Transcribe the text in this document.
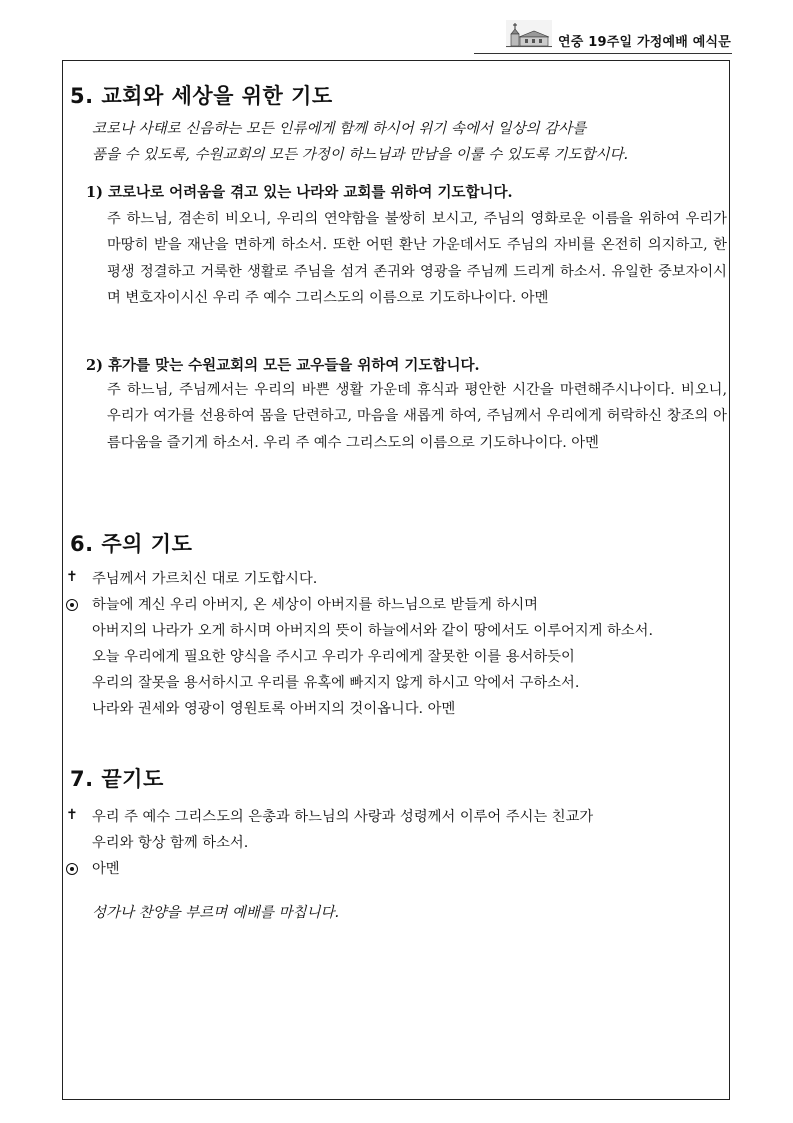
연중 19주일 가정예배 예식문
5. 교회와 세상을 위한 기도
코로나 사태로 신음하는 모든 인류에게 함께 하시어 위기 속에서 일상의 감사를
품을 수 있도록, 수원교회의 모든 가정이 하느님과 만남을 이룰 수 있도록 기도합시다.
1) 코로나로 어려움을 겪고 있는 나라와 교회를 위하여 기도합니다.
주 하느님, 겸손히 비오니, 우리의 연약함을 불쌍히 보시고, 주님의 영화로운 이름을 위하여 우리가 마땅히 받을 재난을 면하게 하소서. 또한 어떤 환난 가운데서도 주님의 자비를 온전히 의지하고, 한 평생 정결하고 거룩한 생활로 주님을 섬겨 존귀와 영광을 주님께 드리게 하소서. 유일한 중보자이시며 변호자이시신 우리 주 예수 그리스도의 이름으로 기도하나이다. 아멘
2) 휴가를 맞는 수원교회의 모든 교우들을 위하여 기도합니다.
주 하느님, 주님께서는 우리의 바쁜 생활 가운데 휴식과 평안한 시간을 마련해주시나이다. 비오니, 우리가 여가를 선용하여 몸을 단련하고, 마음을 새롭게 하여, 주님께서 우리에게 허락하신 창조의 아름다움을 즐기게 하소서. 우리 주 예수 그리스도의 이름으로 기도하나이다. 아멘
6. 주의 기도
✝ 주님께서 가르치신 대로 기도합시다.
하늘에 계신 우리 아버지, 온 세상이 아버지를 하느님으로 받들게 하시며
아버지의 나라가 오게 하시며 아버지의 뜻이 하늘에서와 같이 땅에서도 이루어지게 하소서.
오늘 우리에게 필요한 양식을 주시고 우리가 우리에게 잘못한 이를 용서하듯이
우리의 잘못을 용서하시고 우리를 유혹에 빠지지 않게 하시고 악에서 구하소서.
나라와 권세와 영광이 영원토록 아버지의 것이옵니다. 아멘
7. 끝기도
✝ 우리 주 예수 그리스도의 은총과 하느님의 사랑과 성령께서 이루어 주시는 친교가
우리와 항상 함께 하소서.
아멘
성가나 찬양을 부르며 예배를 마칩니다.
